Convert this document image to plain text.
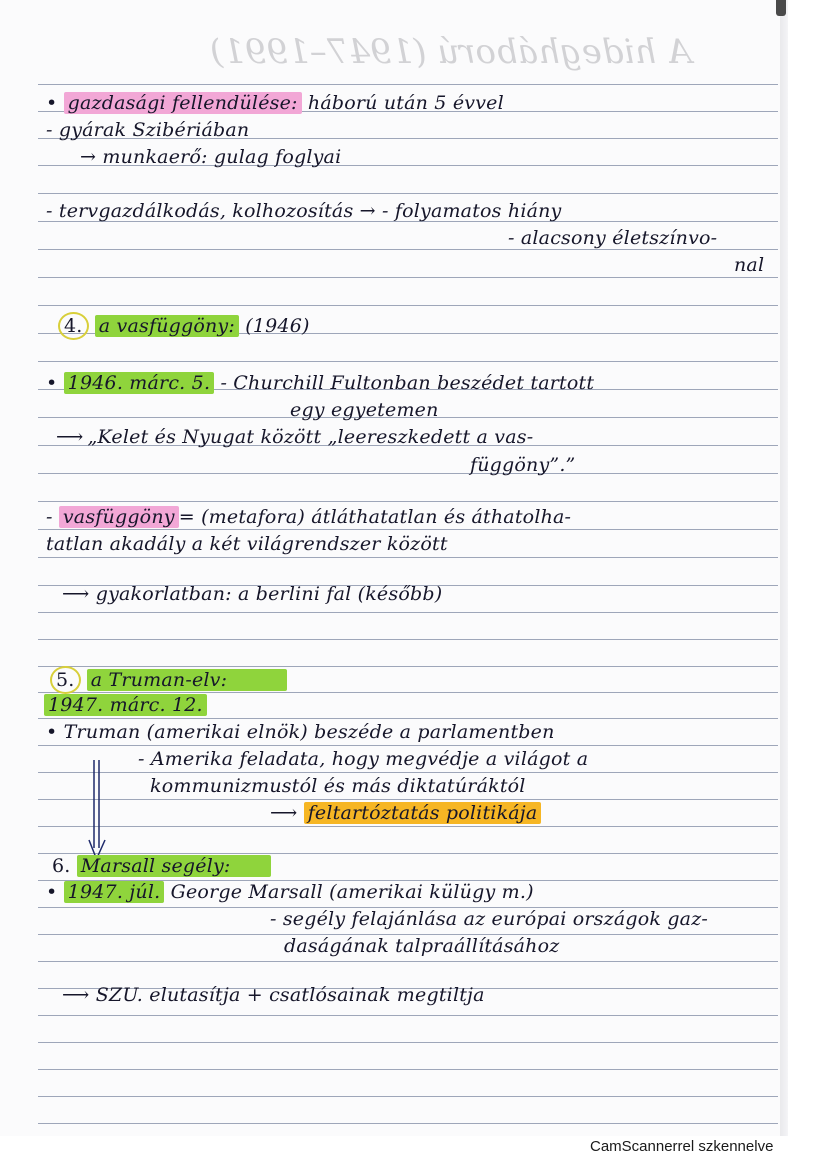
A hidegháború (1947–1991)
• gazdasági fellendülése: háború után 5 évvel
- gyárak Szibériában
→ munkaerő: gulag foglyai
- tervgazdálkodás, kolhozosítás → - folyamatos hiány
- alacsony életszínvo-
nal
4. a vasfüggöny: (1946)
• 1946. márc. 5. - Churchill Fultonban beszédet tartott
egy egyetemen
⟶ „Kelet és Nyugat között „leereszkedett a vas-
függöny”.”
- vasfüggöny = (metafora) átláthatatlan és áthatolha-
tatlan akadály a két világrendszer között
⟶ gyakorlatban: a berlini fal (később)
5. a Truman-elv:
1947. márc. 12.
• Truman (amerikai elnök) beszéde a parlamentben
- Amerika feladata, hogy megvédje a világot a
kommunizmustól és más diktatúráktól
⟶ feltartóztatás politikája
6. Marsall segély:
• 1947. júl. George Marsall (amerikai külügy m.)
- segély felajánlása az európai országok gaz-
daságának talpraállításához
⟶ SZU. elutasítja + csatlósainak megtiltja
CamScannerrel szkennelve
